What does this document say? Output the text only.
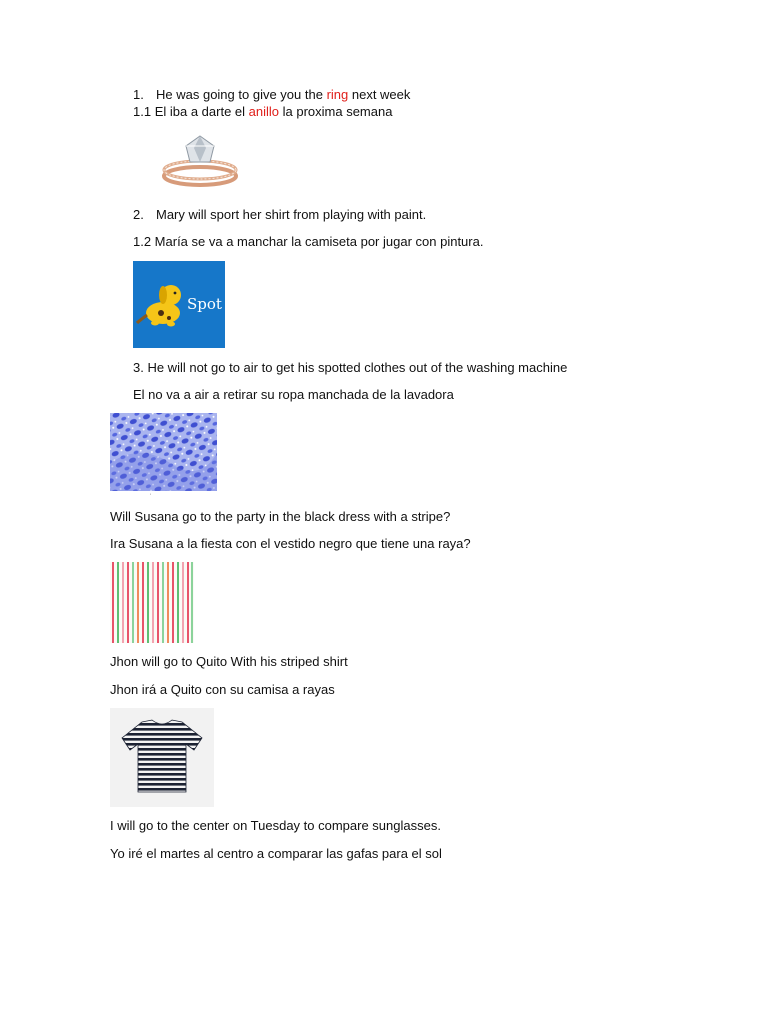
1. He was going to give you the ring next week
1.1 El iba a darte el anillo la proxima semana
2. Mary will sport her shirt from playing with paint.
1.2 María se va a manchar la camiseta por jugar con pintura.
Spot
3. He will not go to air to get his spotted clothes out of the washing machine
El no va a air a retirar su ropa manchada de la lavadora
▪
Will Susana go to the party in the black dress with a stripe?
Ira Susana a la fiesta con el vestido negro que tiene una raya?
Jhon will go to Quito With his striped shirt
Jhon irá a Quito con su camisa a rayas
I will go to the center on Tuesday to compare sunglasses.
Yo iré el martes al centro a comparar las gafas para el sol
